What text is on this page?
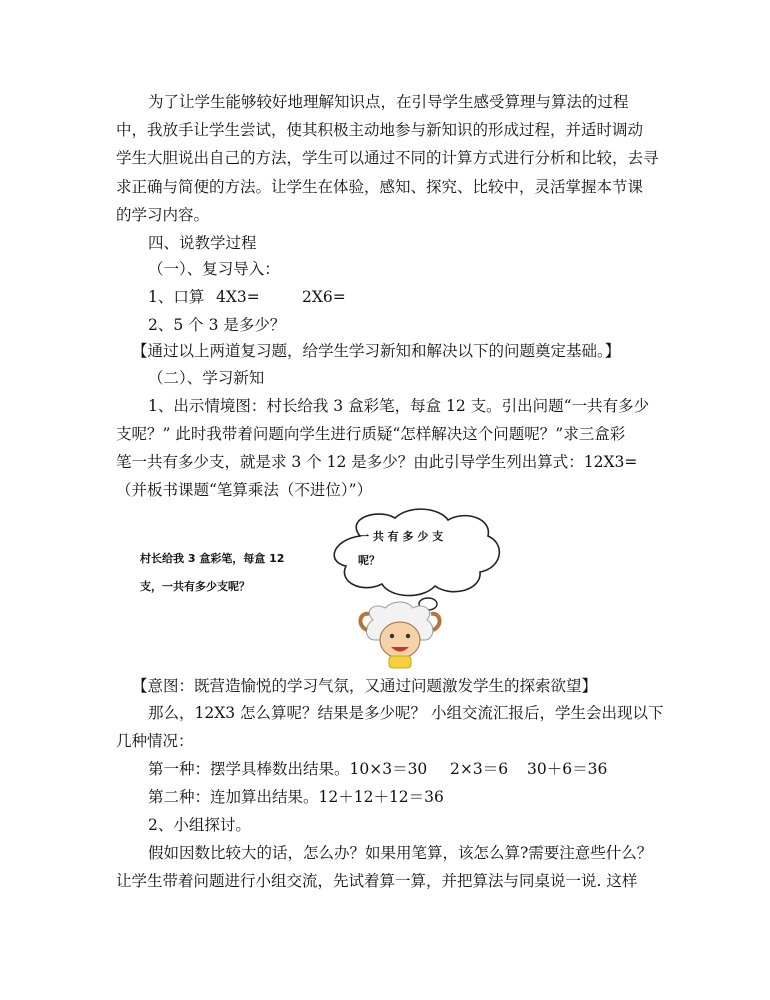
为了让学生能够较好地理解知识点，在引导学生感受算理与算法的过程
中，我放手让学生尝试，使其积极主动地参与新知识的形成过程，并适时调动
学生大胆说出自己的方法，学生可以通过不同的计算方式进行分析和比较，去寻
求正确与简便的方法。让学生在体验，感知、探究、比较中，灵活掌握本节课
的学习内容。
四、说教学过程
（一）、复习导入：
1、口算 4X3=	2X6=
2、5 个 3 是多少？
【通过以上两道复习题，给学生学习新知和解决以下的问题奠定基础。】
（二）、学习新知
1、出示情境图：村长给我 3 盒彩笔，每盒 12 支。引出问题“一共有多少
支呢？” 此时我带着问题向学生进行质疑“怎样解决这个问题呢？”求三盒彩
笔一共有多少支，就是求 3 个 12 是多少？由此引导学生列出算式：12X3=
（并板书课题“笔算乘法（不进位）”）
村长给我 3 盒彩笔，每盒 12
支，一共有多少支呢？
一 共 有 多 少 支
呢？
【意图：既营造愉悦的学习气氛，又通过问题激发学生的探索欲望】
那么，12X3 怎么算呢？结果是多少呢？ 小组交流汇报后，学生会出现以下
几种情况：
第一种：摆学具棒数出结果。10×3＝30 2×3＝6 30＋6＝36
第二种：连加算出结果。12＋12＋12＝36
2、小组探讨。
假如因数比较大的话，怎么办？如果用笔算，该怎么算?需要注意些什么？
让学生带着问题进行小组交流，先试着算一算，并把算法与同桌说一说. 这样
